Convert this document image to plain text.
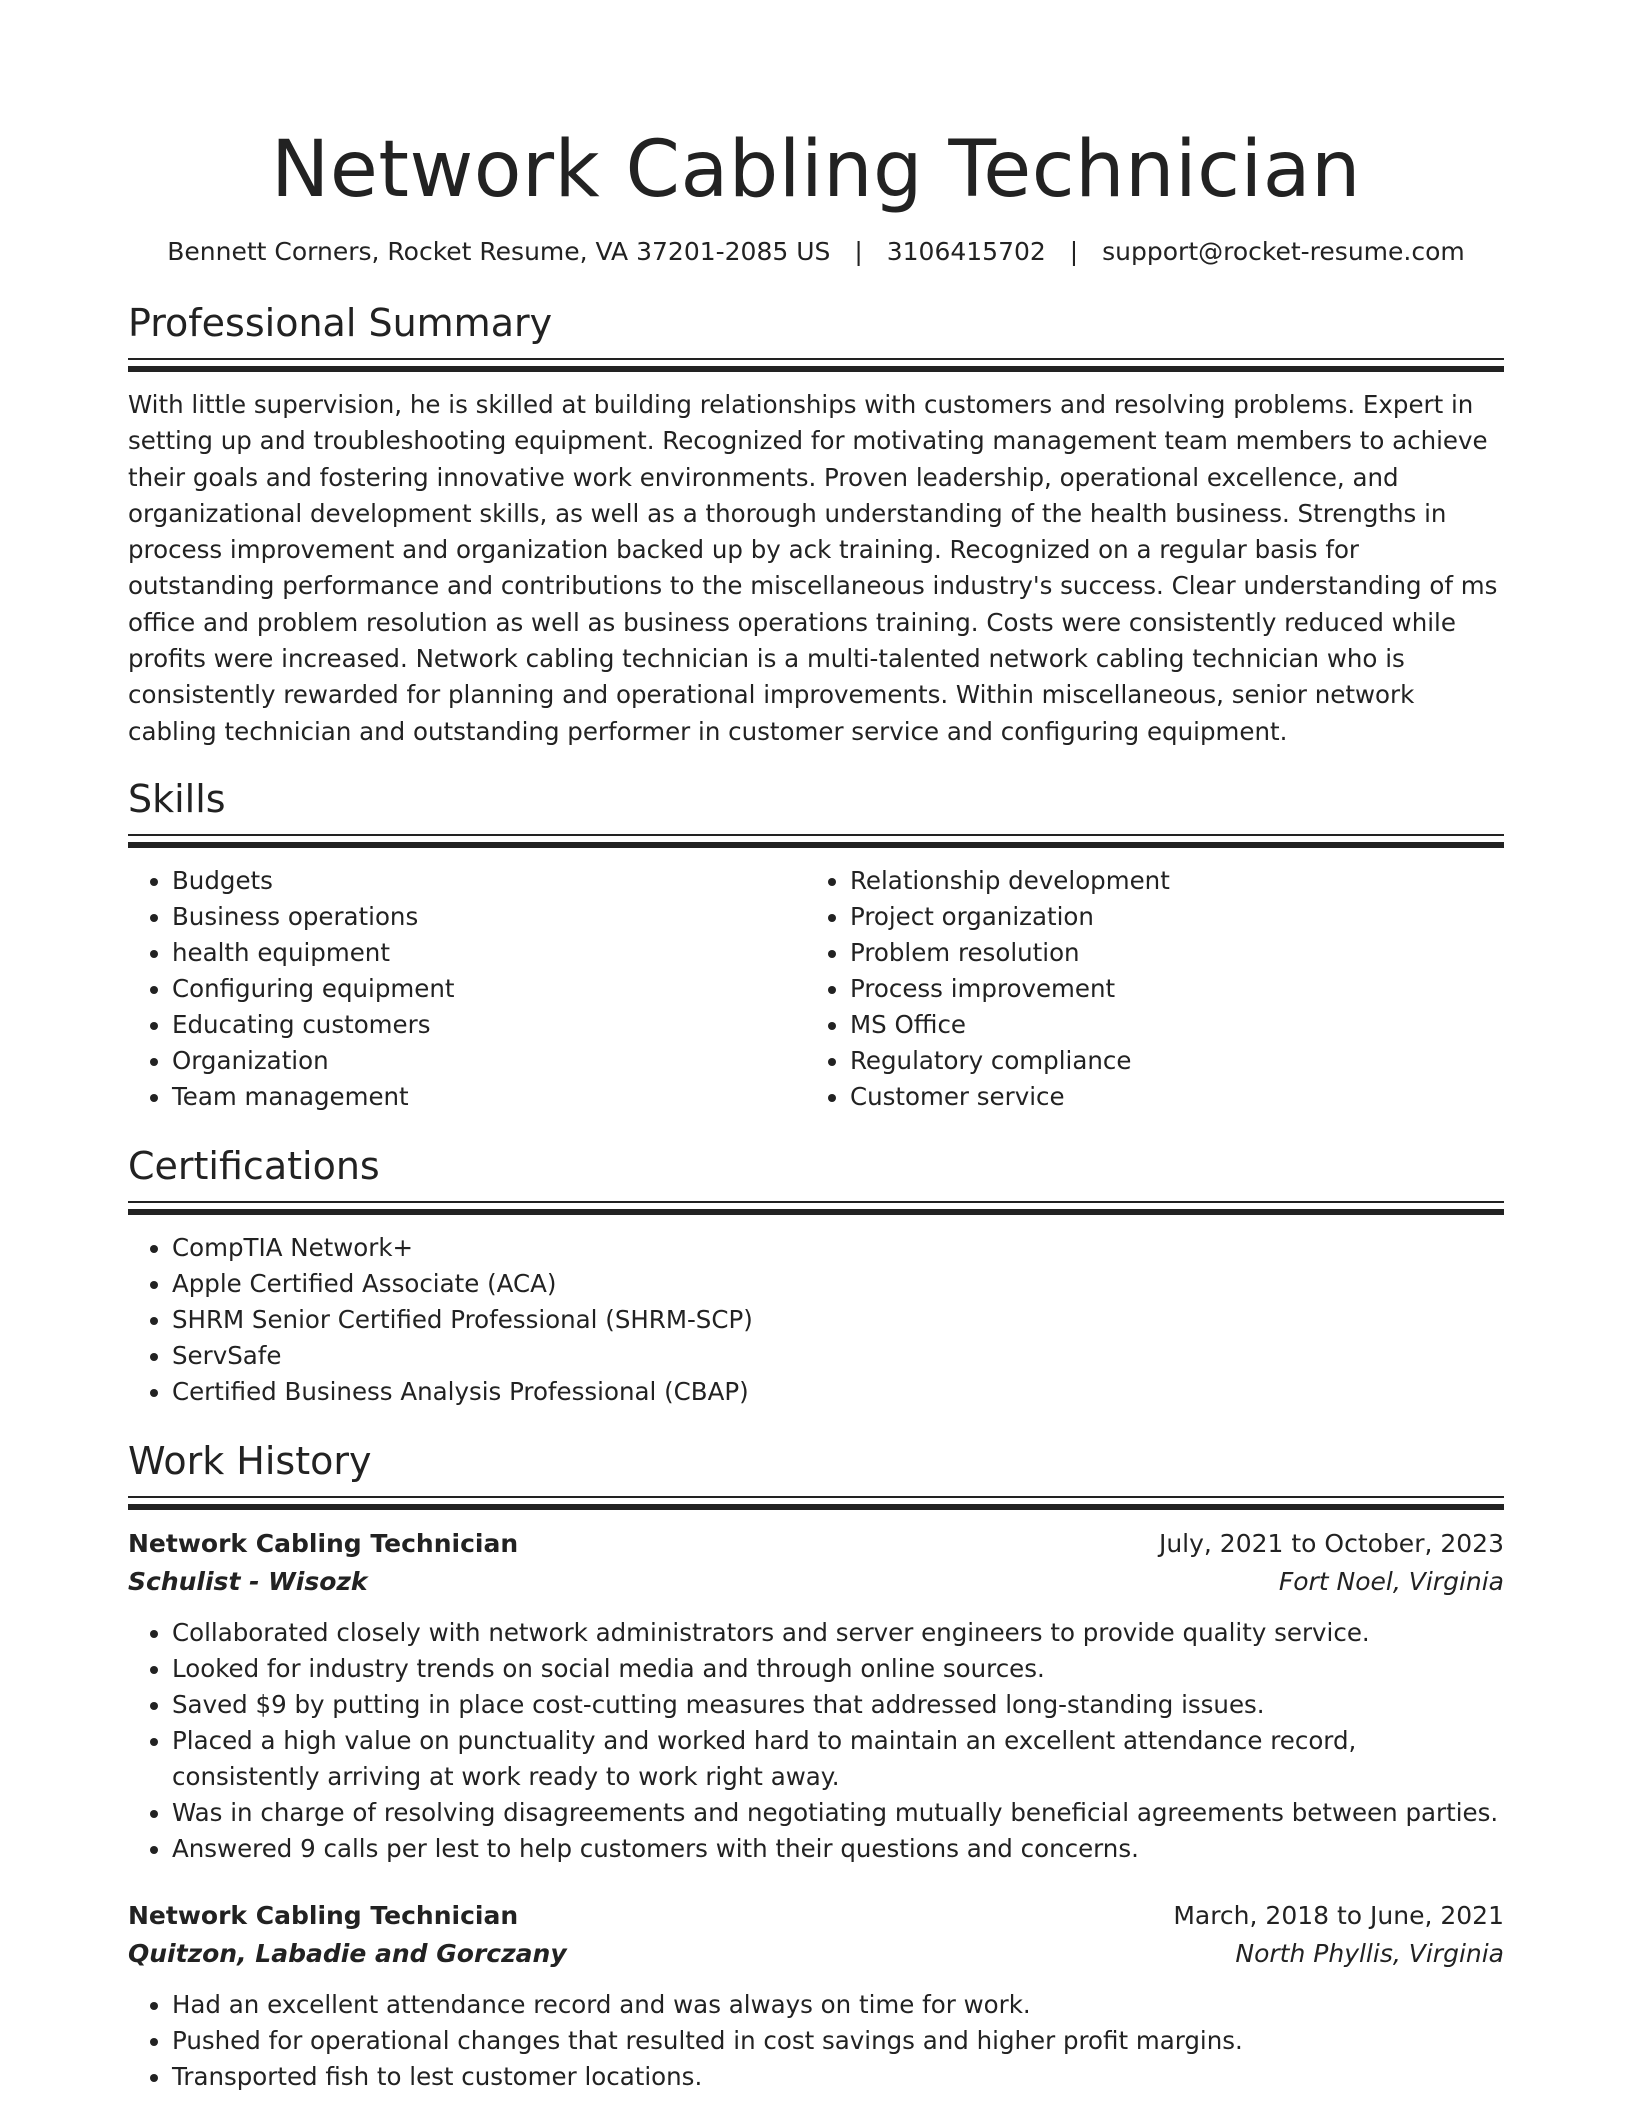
Network Cabling Technician
Bennett Corners, Rocket Resume, VA 37201-2085 US | 3106415702 | support@rocket-resume.com
Professional Summary

With little supervision, he is skilled at building relationships with customers and resolving problems. Expert in setting up and troubleshooting equipment. Recognized for motivating management team members to achieve their goals and fostering innovative work environments. Proven leadership, operational excellence, and organizational development skills, as well as a thorough understanding of the health business. Strengths in process improvement and organization backed up by ack training. Recognized on a regular basis for outstanding performance and contributions to the miscellaneous industry's success. Clear understanding of ms office and problem resolution as well as business operations training. Costs were consistently reduced while profits were increased. Network cabling technician is a multi-talented network cabling technician who is consistently rewarded for planning and operational improvements. Within miscellaneous, senior network cabling technician and outstanding performer in customer service and configuring equipment.

Skills
• Budgets
• Business operations
• health equipment
• Configuring equipment
• Educating customers
• Organization
• Team management
• Relationship development
• Project organization
• Problem resolution
• Process improvement
• MS Office
• Regulatory compliance
• Customer service
Certifications
• CompTIA Network+
• Apple Certified Associate (ACA)
• SHRM Senior Certified Professional (SHRM-SCP)
• ServSafe
• Certified Business Analysis Professional (CBAP)
Work History
Network Cabling Technician	July, 2021 to October, 2023
Schulist - Wisozk	Fort Noel, Virginia
• Collaborated closely with network administrators and server engineers to provide quality service.
• Looked for industry trends on social media and through online sources.
• Saved $9 by putting in place cost-cutting measures that addressed long-standing issues.
• Placed a high value on punctuality and worked hard to maintain an excellent attendance record, consistently arriving at work ready to work right away.
• Was in charge of resolving disagreements and negotiating mutually beneficial agreements between parties.
• Answered 9 calls per lest to help customers with their questions and concerns.
Network Cabling Technician	March, 2018 to June, 2021
Quitzon, Labadie and Gorczany	North Phyllis, Virginia
• Had an excellent attendance record and was always on time for work.
• Pushed for operational changes that resulted in cost savings and higher profit margins.
• Transported fish to lest customer locations.
